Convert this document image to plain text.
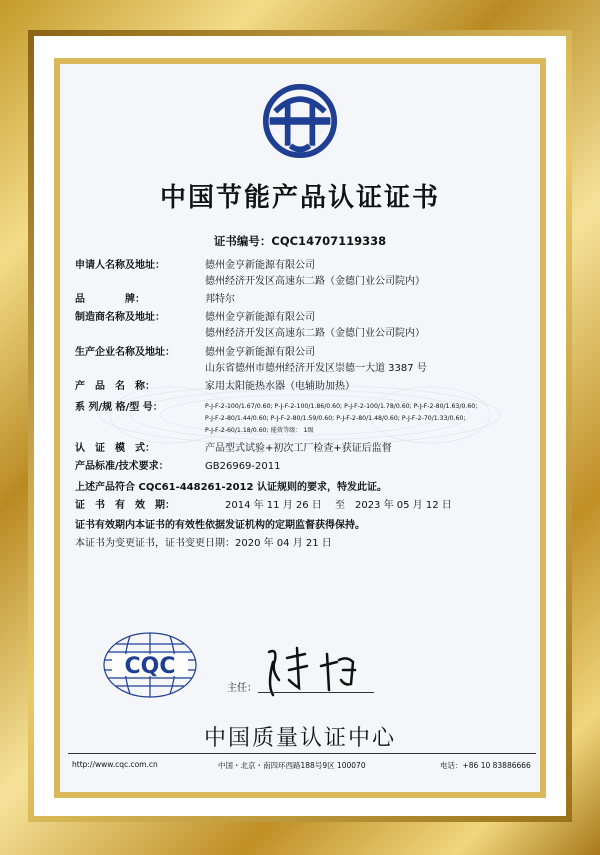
中国节能产品认证证书
证书编号：CQC14707119338
申请人名称及地址：	德州金亨新能源有限公司
德州经济开发区高速东二路（金德门业公司院内）
品　　　　牌：	邦特尔
制造商名称及地址：	德州金亨新能源有限公司
德州经济开发区高速东二路（金德门业公司院内）
生产企业名称及地址：	德州金亨新能源有限公司
山东省德州市德州经济开发区崇德一大道 3387 号
产　品　名　称：	家用太阳能热水器（电辅助加热）
系 列/规 格/型 号：	P-J-F-2-100/1.67/0.60; P-J-F-2-100/1.86/0.60; P-J-F-2-100/1.78/0.60; P-J-F-2-80/1.63/0.60;
P-J-F-2-80/1.44/0.60; P-J-F-2-80/1.59/0.60; P-J-F-2-80/1.48/0.60; P-J-F-2-70/1.33/0.60;
P-J-F-2-60/1.18/0.60; 能效等级： 1级
认　证　模　式：	产品型式试验+初次工厂检查+获证后监督
产品标准/技术要求：	GB26969-2011
上述产品符合 CQC61-448261-2012 认证规则的要求，特发此证。
证　书　有　效　期：	2014 年 11 月 26 日　 至　2023 年 05 月 12 日
证书有效期内本证书的有效性依据发证机构的定期监督获得保持。
本证书为变更证书，证书变更日期：2020 年 04 月 21 日
CQC
主任：
中国质量认证中心
http://www.cqc.com.cn	中国・北京・南四环西路188号9区 100070	电话：+86 10 83886666
